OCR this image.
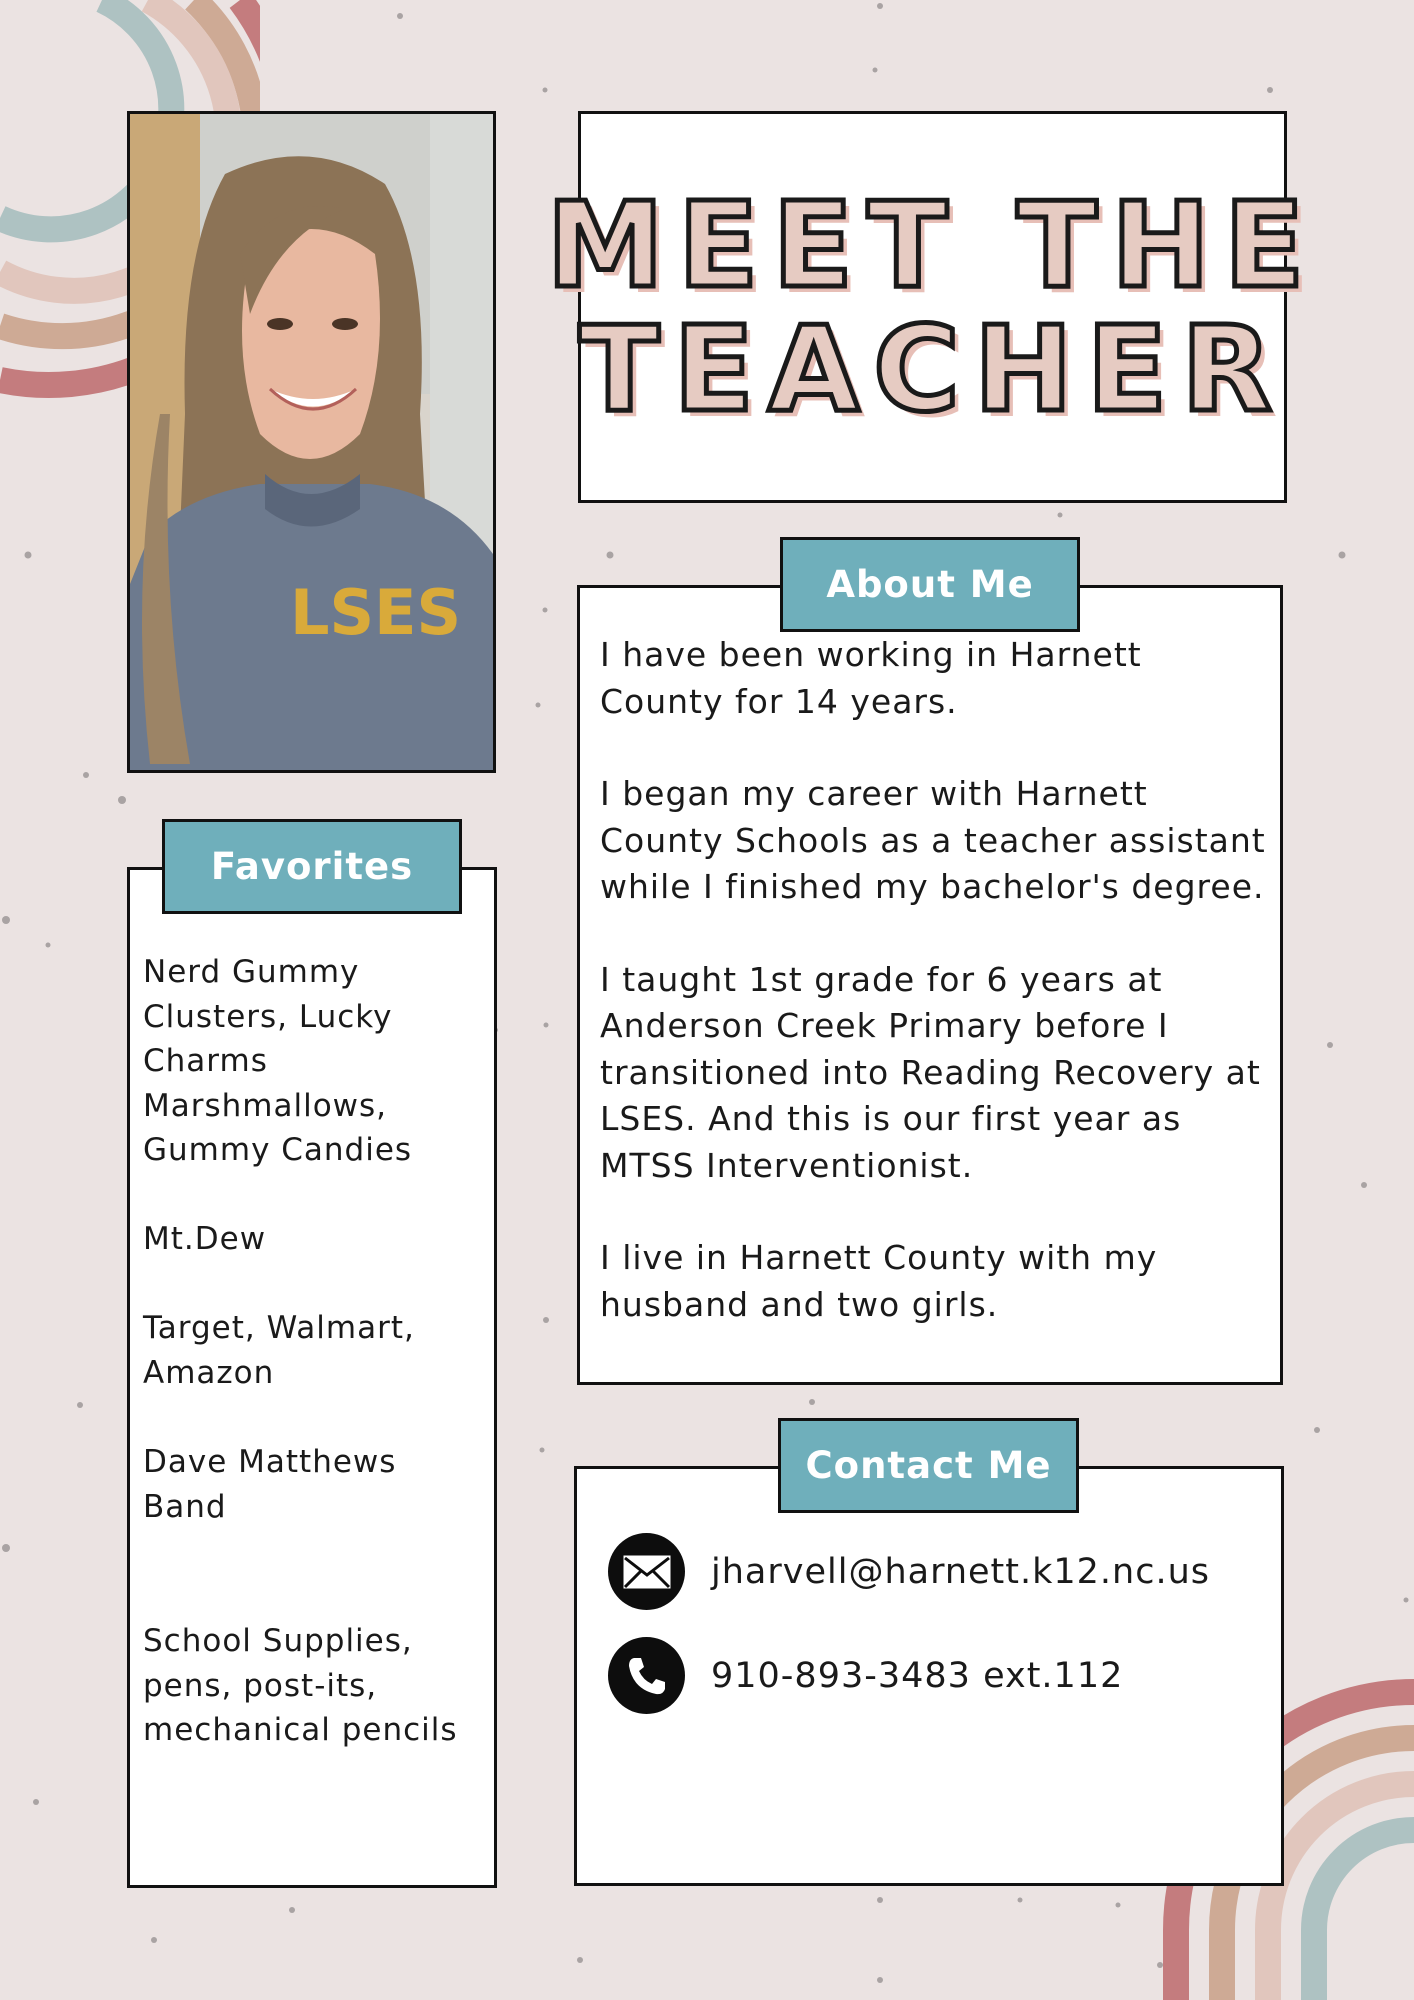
LSES
MEET THE
TEACHER
Favorites
Nerd Gummy
Clusters, Lucky
Charms
Marshmallows,
Gummy Candies
Mt.Dew
Target, Walmart,
Amazon
Dave Matthews
Band
School Supplies,
pens, post-its,
mechanical pencils
About Me

I have been working in Harnett County for 14 years.

I began my career with Harnett County Schools as a teacher assistant while I finished my bachelor's degree.

I taught 1st grade for 6 years at Anderson Creek Primary before I transitioned into Reading Recovery at LSES. And this is our first year as MTSS Interventionist.

I live in Harnett County with my husband and two girls.

Contact Me
jharvell@harnett.k12.nc.us
910-893-3483 ext.112
